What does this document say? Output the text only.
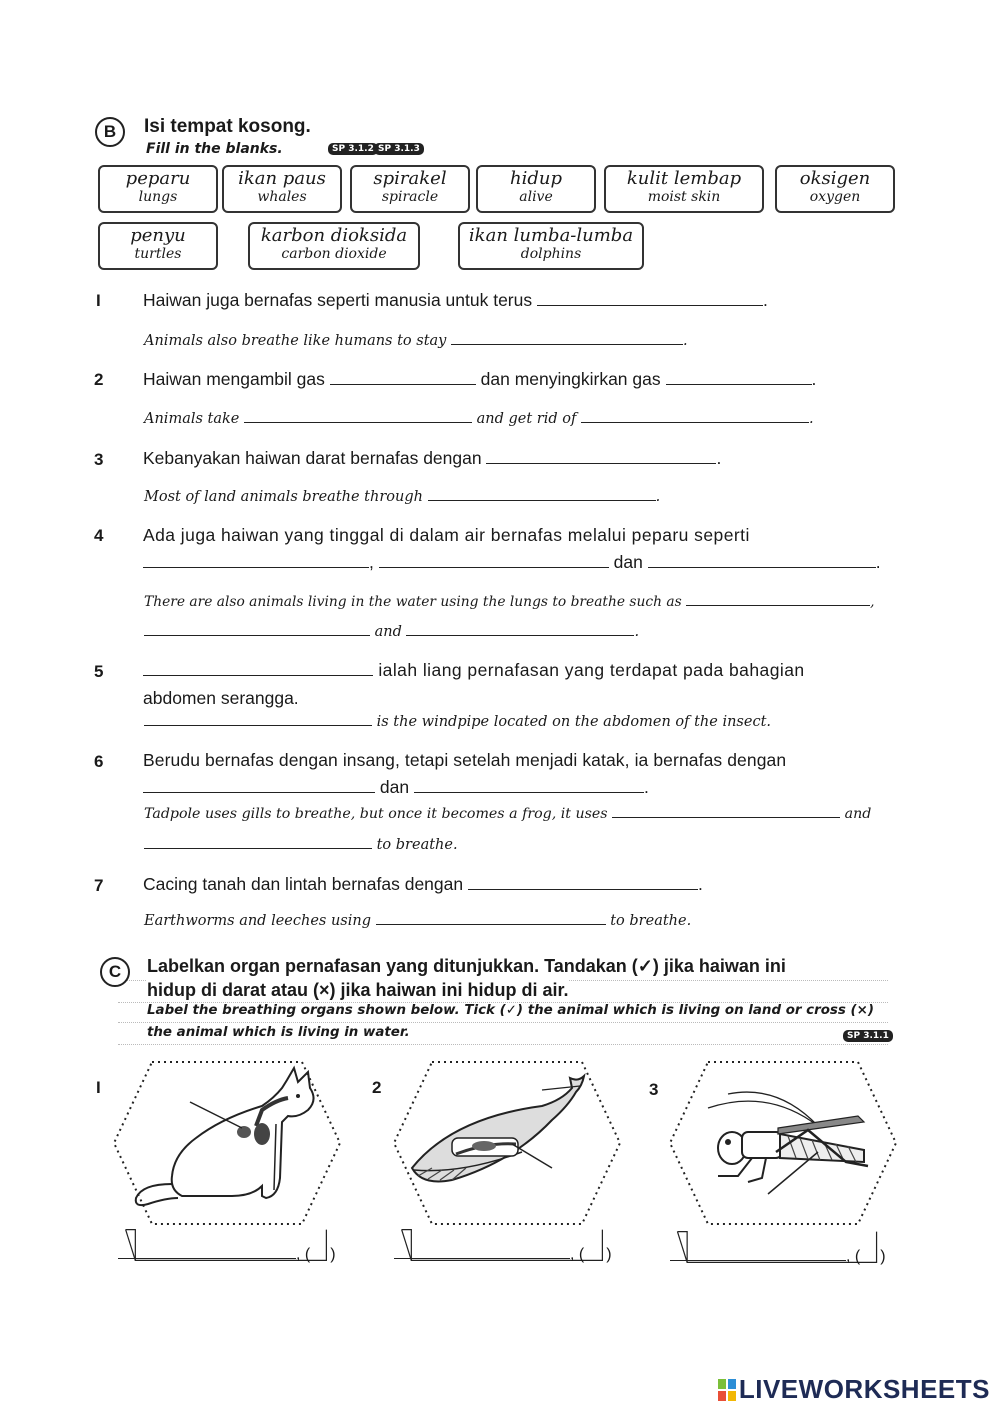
B	Isi tempat kosong.
Fill in the blanks.	SP 3.1.2 SP 3.1.3
peparu
lungs
ikan paus
whales
spirakel
spiracle
hidup
alive
kulit lembap
moist skin
oksigen
oxygen
penyu
turtles
karbon dioksida
carbon dioxide
ikan lumba-lumba
dolphins
I Haiwan juga bernafas seperti manusia untuk terus	.
Animals also breathe like humans to stay	.
2 Haiwan mengambil gas	dan menyingkirkan gas	.
Animals take	and get rid of	.
3 Kebanyakan haiwan darat bernafas dengan	.
Most of land animals breathe through	.
4 Ada juga haiwan yang tinggal di dalam air bernafas melalui peparu seperti
,	dan	.
There are also animals living in the water using the lungs to breathe such as	,
and	.
5	ialah liang pernafasan yang terdapat pada bahagian
abdomen serangga.
is the windpipe located on the abdomen of the insect.
6 Berudu bernafas dengan insang, tetapi setelah menjadi katak, ia bernafas dengan
dan	.
Tadpole uses gills to breathe, but once it becomes a frog, it uses	and
to breathe.
7 Cacing tanah dan lintah bernafas dengan	.
Earthworms and leeches using	to breathe.
C	Labelkan organ pernafasan yang ditunjukkan. Tandakan (✓) jika haiwan ini
hidup di darat atau (×) jika haiwan ini hidup di air.
Label the breathing organs shown below. Tick (✓) the animal which is living on land or cross (×)
the animal which is living in water.	SP 3.1.1
I	2	3
, ( )	, ( )	, ( )
LIVEWORKSHEETS
